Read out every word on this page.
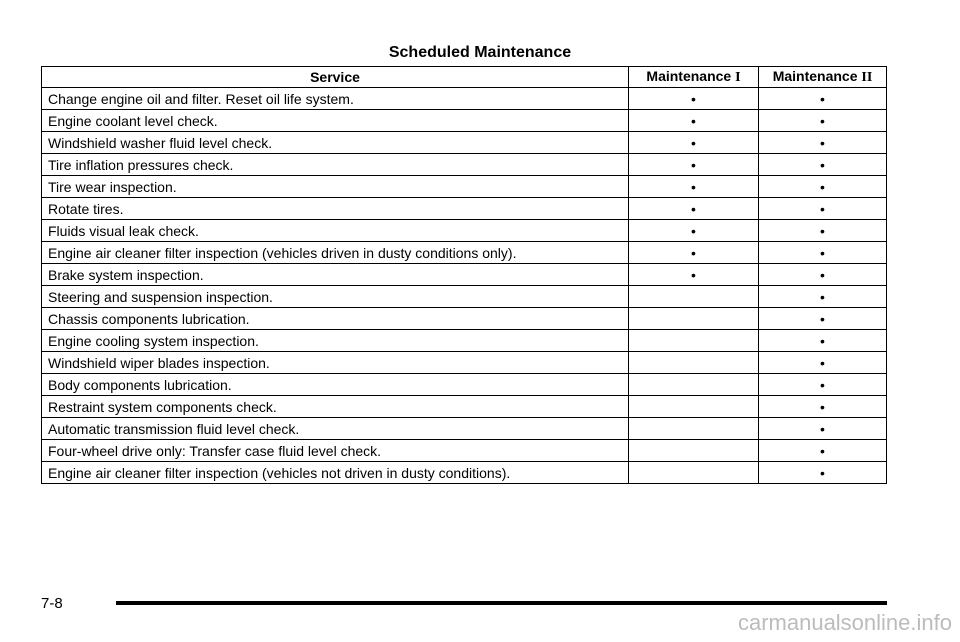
Scheduled Maintenance
Service	Maintenance I	Maintenance II
Change engine oil and filter. Reset oil life system.	•	•
Engine coolant level check.	•	•
Windshield washer fluid level check.	•	•
Tire inflation pressures check.	•	•
Tire wear inspection.	•	•
Rotate tires.	•	•
Fluids visual leak check.	•	•
Engine air cleaner filter inspection (vehicles driven in dusty conditions only).	•	•
Brake system inspection.	•	•
Steering and suspension inspection.		•
Chassis components lubrication.		•
Engine cooling system inspection.		•
Windshield wiper blades inspection.		•
Body components lubrication.		•
Restraint system components check.		•
Automatic transmission fluid level check.		•
Four-wheel drive only: Transfer case fluid level check.		•
Engine air cleaner filter inspection (vehicles not driven in dusty conditions).		•
7-8
carmanualsonline.info
